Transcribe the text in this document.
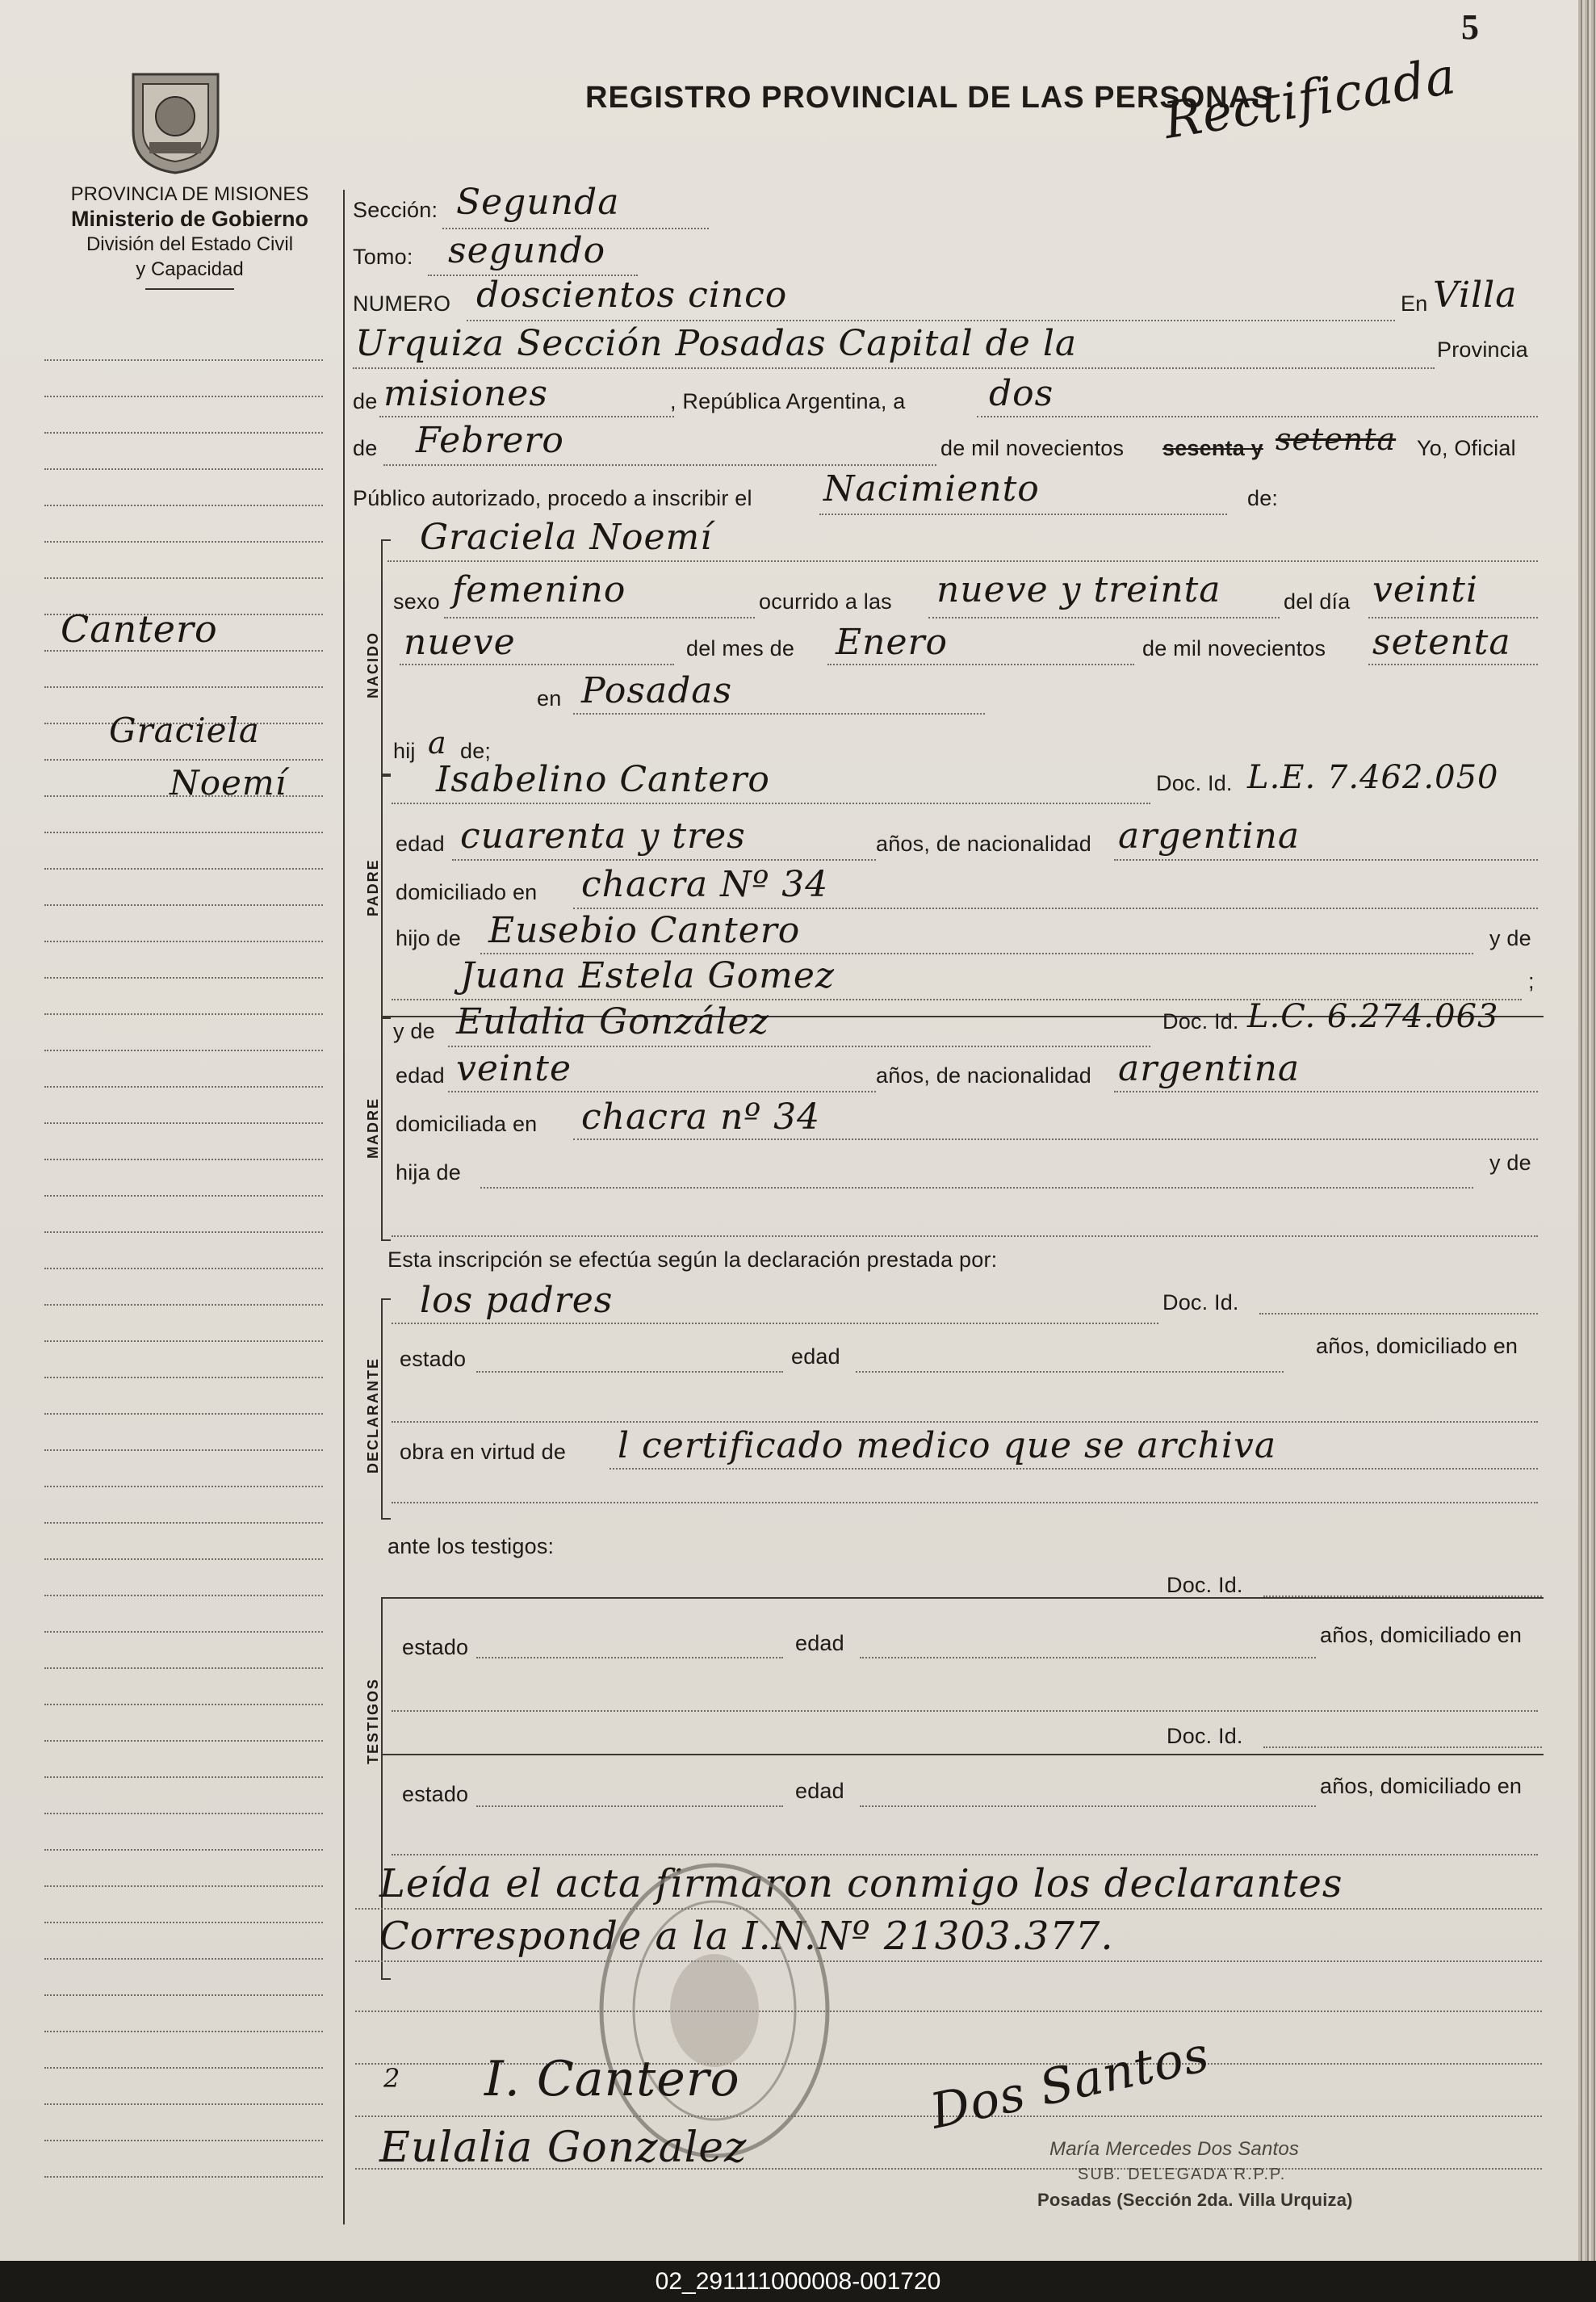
5
PROVINCIA DE MISIONES
Ministerio de Gobierno
División del Estado Civil
y Capacidad
Cantero
Graciela
Noemí
REGISTRO PROVINCIAL DE LAS PERSONAS
Rectificada
Sección: Segunda
Tomo: segundo
NUMERO doscientos cinco	En Villa
Urquiza Sección Posadas Capital de la	Provincia
de misiones	, República Argentina, a dos
de Febrero	de mil novecientos sesenta y setenta Yo, Oficial
Público autorizado, procedo a inscribir el Nacimiento	de:
Graciela Noemí
NACIDO
sexo femenino	ocurrido a las nueve y treinta	del día veinti
nueve	del mes de Enero	de mil novecientos setenta
en Posadas
hij a de;
PADRE
Isabelino Cantero	Doc. Id. L.E. 7.462.050
edad cuarenta y tres	años, de nacionalidad argentina
domiciliado en chacra Nº 34
hijo de Eusebio Cantero	y de
Juana Estela Gomez	;
y de Eulalia González	Doc. Id. L.C. 6.274.063
MADRE
edad veinte	años, de nacionalidad argentina
domiciliada en chacra nº 34
hija de	y de
Esta inscripción se efectúa según la declaración prestada por:
los padres	Doc. Id.
DECLARANTE estado	edad	años, domiciliado en
obra en virtud de l certificado medico que se archiva
ante los testigos:
Doc. Id.
TESTIGOS
estado	edad	años, domiciliado en
Doc. Id.
estado	edad	años, domiciliado en
Leída el acta firmaron conmigo los declarantes
Corresponde a la I.N.Nº 21303.377.
2 I. Cantero
Eulalia Gonzalez
Dos Santos
María Mercedes Dos Santos
SUB. DELEGADA R.P.P.
Posadas (Sección 2da. Villa Urquiza)
02_291111000008-001720
